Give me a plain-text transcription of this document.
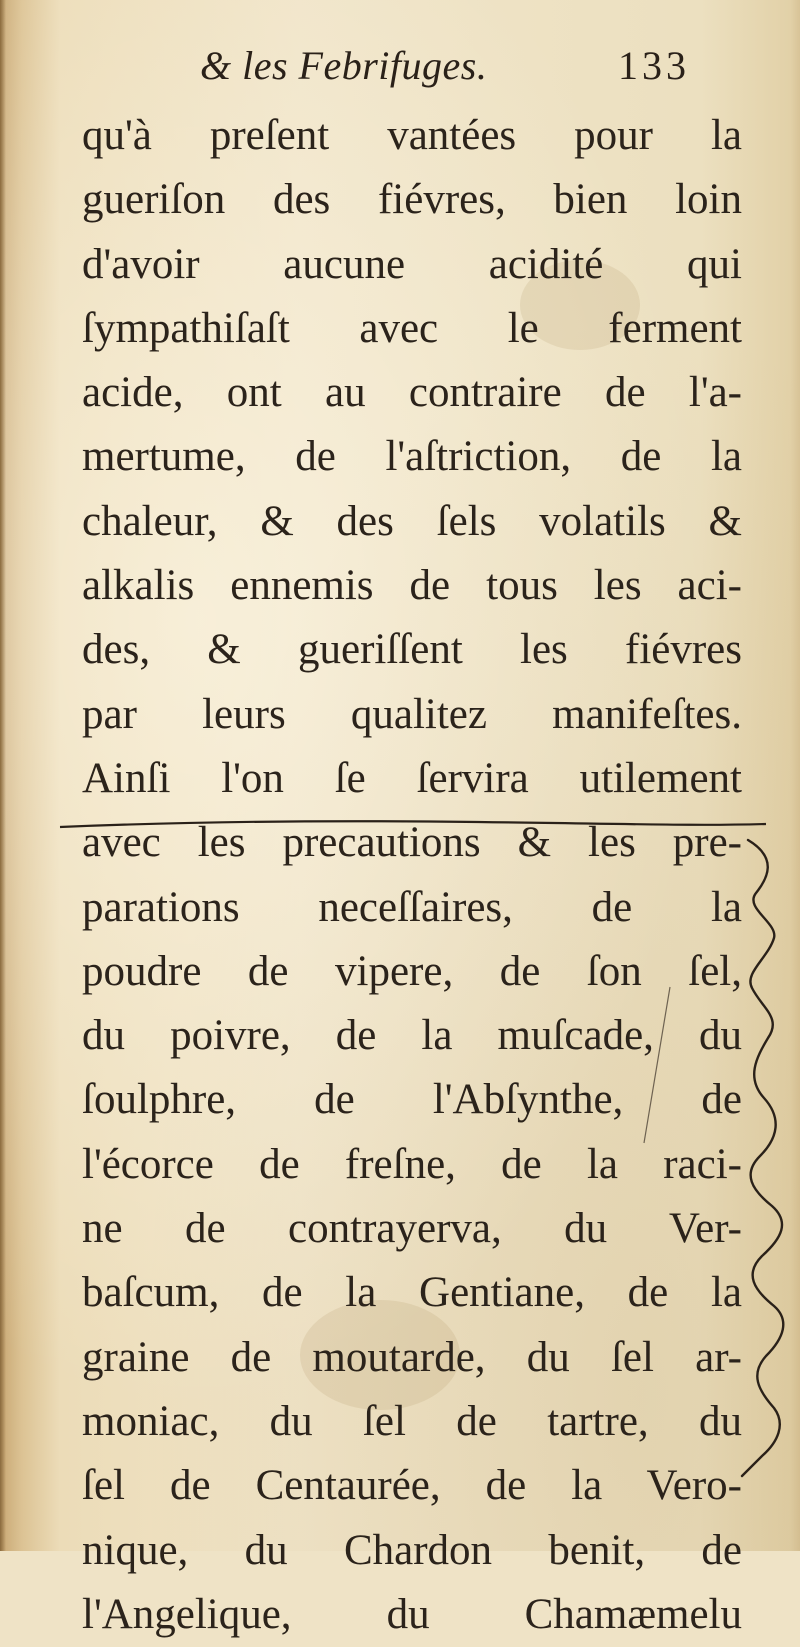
& les Febrifuges.	133
qu'à preſent vantées pour la
gueriſon des fiévres, bien loin
d'avoir aucune acidité qui
ſympathiſaſt avec le ferment
acide, ont au contraire de l'a-
mertume, de l'aſtriction, de la
chaleur, & des ſels volatils &
alkalis ennemis de tous les aci-
des, & gueriſſent les fiévres
par leurs qualitez manifeſtes.
Ainſi l'on ſe ſervira utilement
avec les precautions & les pre-
parations neceſſaires, de la
poudre de vipere, de ſon ſel,
du poivre, de la muſcade, du
ſoulphre, de l'Abſynthe, de
l'écorce de freſne, de la raci-
ne de contrayerva, du Ver-
baſcum, de la Gentiane, de la
graine de moutarde, du ſel ar-
moniac, du ſel de tartre, du
ſel de Centaurée, de la Vero-
nique, du Chardon benit, de
l'Angelique, du Chamæmelu
